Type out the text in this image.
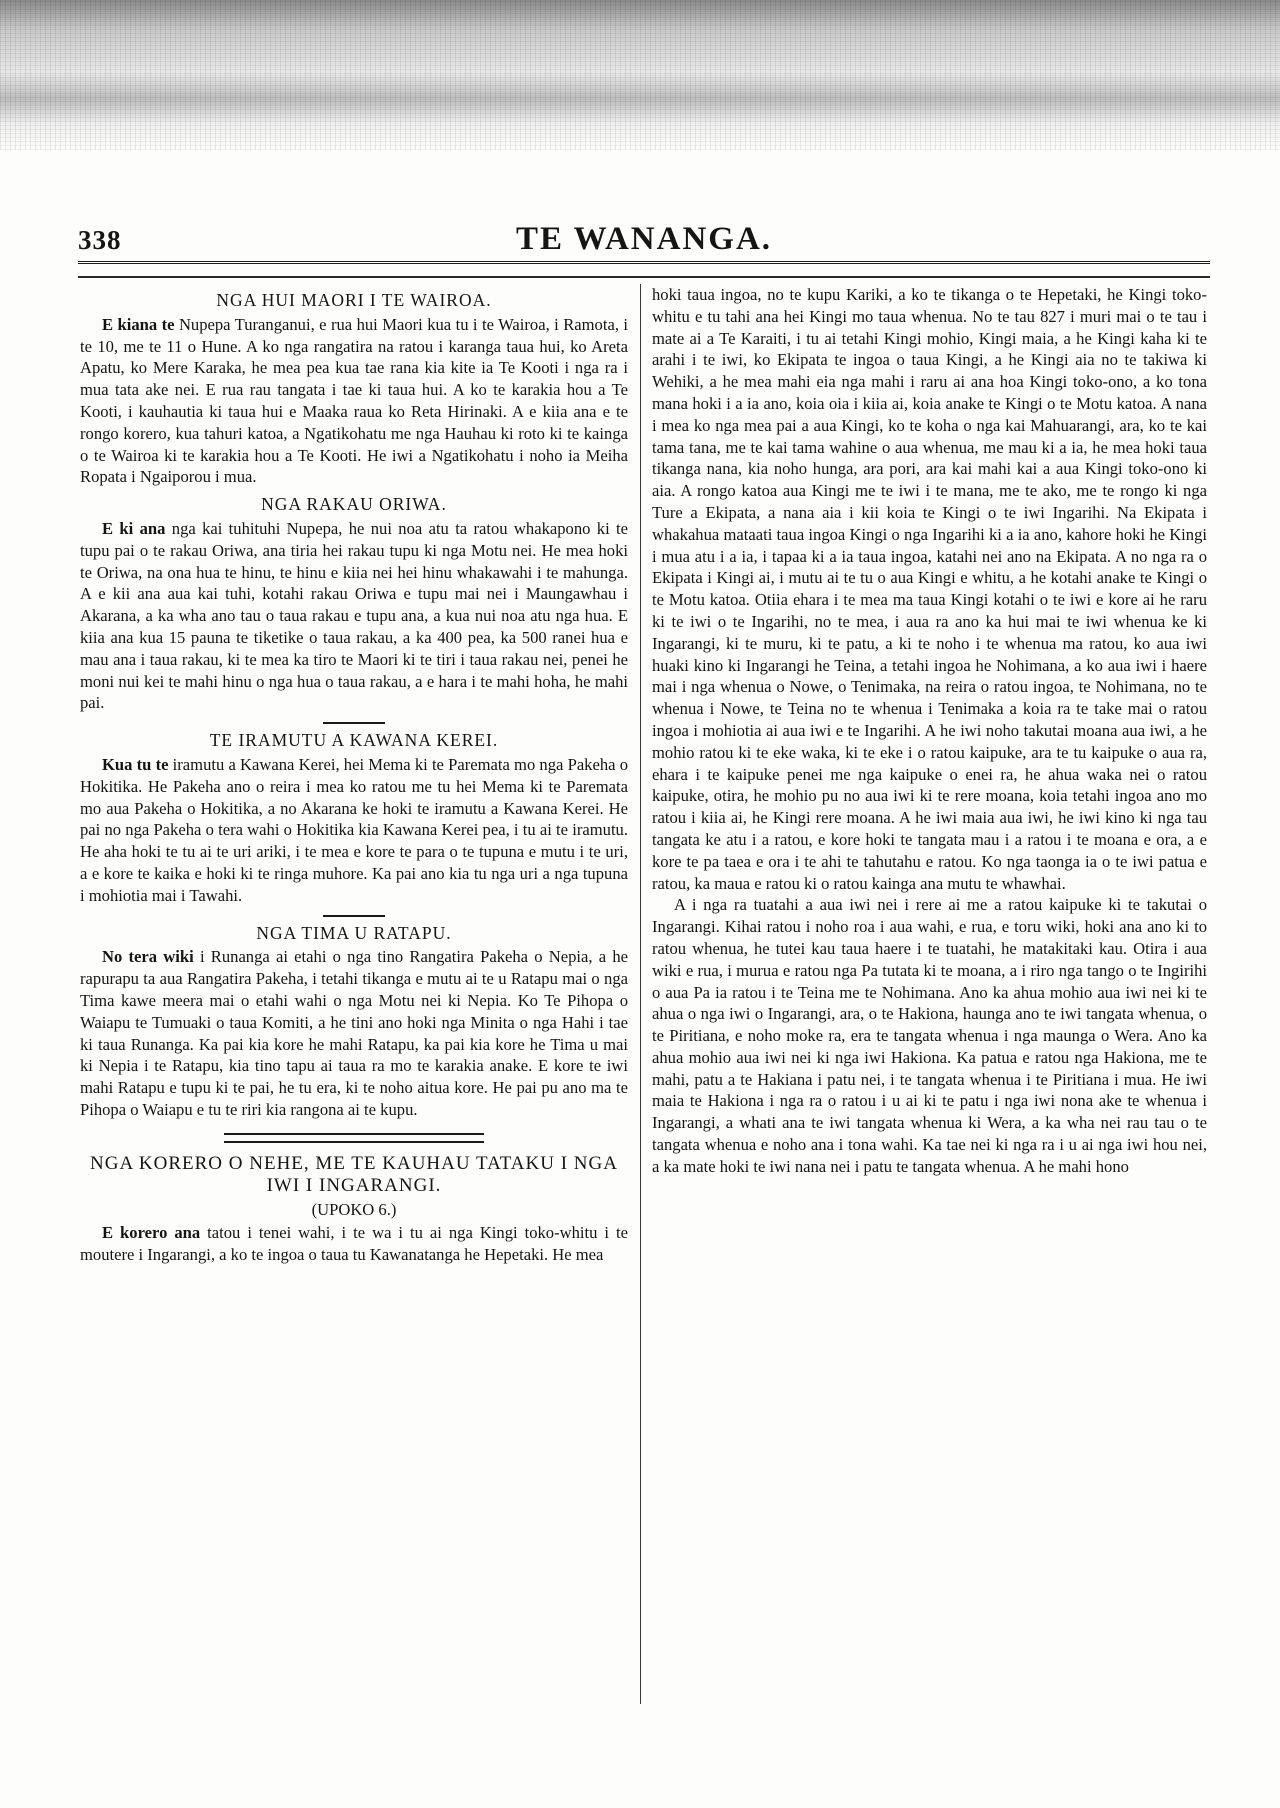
338	TE WANANGA.
NGA HUI MAORI I TE WAIROA.

E kiana te Nupepa Turanganui, e rua hui Maori kua tu i te Wairoa, i Ramota, i te 10, me te 11 o Hune. A ko nga rangatira na ratou i karanga taua hui, ko Areta Apatu, ko Mere Karaka, he mea pea kua tae rana kia kite ia Te Kooti i nga ra i mua tata ake nei. E rua rau tangata i tae ki taua hui. A ko te karakia hou a Te Kooti, i kauhautia ki taua hui e Maaka raua ko Reta Hirinaki. A e kiia ana e te rongo korero, kua tahuri katoa, a Ngatikohatu me nga Hauhau ki roto ki te kainga o te Wairoa ki te karakia hou a Te Kooti. He iwi a Ngatikohatu i noho ia Meiha Ropata i Ngaiporou i mua.

NGA RAKAU ORIWA.

E ki ana nga kai tuhituhi Nupepa, he nui noa atu ta ratou whakapono ki te tupu pai o te rakau Oriwa, ana tiria hei rakau tupu ki nga Motu nei. He mea hoki te Oriwa, na ona hua te hinu, te hinu e kiia nei hei hinu whakawahi i te mahunga. A e kii ana aua kai tuhi, kotahi rakau Oriwa e tupu mai nei i Maungawhau i Akarana, a ka wha ano tau o taua rakau e tupu ana, a kua nui noa atu nga hua. E kiia ana kua 15 pauna te tiketike o taua rakau, a ka 400 pea, ka 500 ranei hua e mau ana i taua rakau, ki te mea ka tiro te Maori ki te tiri i taua rakau nei, penei he moni nui kei te mahi hinu o nga hua o taua rakau, a e hara i te mahi hoha, he mahi pai.

TE IRAMUTU A KAWANA KEREI.

Kua tu te iramutu a Kawana Kerei, hei Mema ki te Paremata mo nga Pakeha o Hokitika. He Pakeha ano o reira i mea ko ratou me tu hei Mema ki te Paremata mo aua Pakeha o Hokitika, a no Akarana ke hoki te iramutu a Kawana Kerei. He pai no nga Pakeha o tera wahi o Hokitika kia Kawana Kerei pea, i tu ai te iramutu. He aha hoki te tu ai te uri ariki, i te mea e kore te para o te tupuna e mutu i te uri, a e kore te kaika e hoki ki te ringa muhore. Ka pai ano kia tu nga uri a nga tupuna i mohiotia mai i Tawahi.

NGA TIMA U RATAPU.

No tera wiki i Runanga ai etahi o nga tino Rangatira Pakeha o Nepia, a he rapurapu ta aua Rangatira Pakeha, i tetahi tikanga e mutu ai te u Ratapu mai o nga Tima kawe meera mai o etahi wahi o nga Motu nei ki Nepia. Ko Te Pihopa o Waiapu te Tumuaki o taua Komiti, a he tini ano hoki nga Minita o nga Hahi i tae ki taua Runanga. Ka pai kia kore he mahi Ratapu, ka pai kia kore he Tima u mai ki Nepia i te Ratapu, kia tino tapu ai taua ra mo te karakia anake. E kore te iwi mahi Ratapu e tupu ki te pai, he tu era, ki te noho aitua kore. He pai pu ano ma te Pihopa o Waiapu e tu te riri kia rangona ai te kupu.

NGA KORERO O NEHE, ME TE KAUHAU TATAKU I NGA IWI I INGARANGI.
(UPOKO 6.)

E korero ana tatou i tenei wahi, i te wa i tu ai nga Kingi toko-whitu i te moutere i Ingarangi, a ko te ingoa o taua tu Kawanatanga he Hepetaki. He mea

hoki taua ingoa, no te kupu Kariki, a ko te tikanga o te Hepetaki, he Kingi toko-whitu e tu tahi ana hei Kingi mo taua whenua. No te tau 827 i muri mai o te tau i mate ai a Te Karaiti, i tu ai tetahi Kingi mohio, Kingi maia, a he Kingi kaha ki te arahi i te iwi, ko Ekipata te ingoa o taua Kingi, a he Kingi aia no te takiwa ki Wehiki, a he mea mahi eia nga mahi i raru ai ana hoa Kingi toko-ono, a ko tona mana hoki i a ia ano, koia oia i kiia ai, koia anake te Kingi o te Motu katoa. A nana i mea ko nga mea pai a aua Kingi, ko te koha o nga kai Mahuarangi, ara, ko te kai tama tana, me te kai tama wahine o aua whenua, me mau ki a ia, he mea hoki taua tikanga nana, kia noho hunga, ara pori, ara kai mahi kai a aua Kingi toko-ono ki aia. A rongo katoa aua Kingi me te iwi i te mana, me te ako, me te rongo ki nga Ture a Ekipata, a nana aia i kii koia te Kingi o te iwi Ingarihi. Na Ekipata i whakahua mataati taua ingoa Kingi o nga Ingarihi ki a ia ano, kahore hoki he Kingi i mua atu i a ia, i tapaa ki a ia taua ingoa, katahi nei ano na Ekipata. A no nga ra o Ekipata i Kingi ai, i mutu ai te tu o aua Kingi e whitu, a he kotahi anake te Kingi o te Motu katoa. Otiia ehara i te mea ma taua Kingi kotahi o te iwi e kore ai he raru ki te iwi o te Ingarihi, no te mea, i aua ra ano ka hui mai te iwi whenua ke ki Ingarangi, ki te muru, ki te patu, a ki te noho i te whenua ma ratou, ko aua iwi huaki kino ki Ingarangi he Teina, a tetahi ingoa he Nohimana, a ko aua iwi i haere mai i nga whenua o Nowe, o Tenimaka, na reira o ratou ingoa, te Nohimana, no te whenua i Nowe, te Teina no te whenua i Tenimaka a koia ra te take mai o ratou ingoa i mohiotia ai aua iwi e te Ingarihi. A he iwi noho takutai moana aua iwi, a he mohio ratou ki te eke waka, ki te eke i o ratou kaipuke, ara te tu kaipuke o aua ra, ehara i te kaipuke penei me nga kaipuke o enei ra, he ahua waka nei o ratou kaipuke, otira, he mohio pu no aua iwi ki te rere moana, koia tetahi ingoa ano mo ratou i kiia ai, he Kingi rere moana. A he iwi maia aua iwi, he iwi kino ki nga tau tangata ke atu i a ratou, e kore hoki te tangata mau i a ratou i te moana e ora, a e kore te pa taea e ora i te ahi te tahutahu e ratou. Ko nga taonga ia o te iwi patua e ratou, ka maua e ratou ki o ratou kainga ana mutu te whawhai.

A i nga ra tuatahi a aua iwi nei i rere ai me a ratou kaipuke ki te takutai o Ingarangi. Kihai ratou i noho roa i aua wahi, e rua, e toru wiki, hoki ana ano ki to ratou whenua, he tutei kau taua haere i te tuatahi, he matakitaki kau. Otira i aua wiki e rua, i murua e ratou nga Pa tutata ki te moana, a i riro nga tango o te Ingirihi o aua Pa ia ratou i te Teina me te Nohimana. Ano ka ahua mohio aua iwi nei ki te ahua o nga iwi o Ingarangi, ara, o te Hakiona, haunga ano te iwi tangata whenua, o te Piritiana, e noho moke ra, era te tangata whenua i nga maunga o Wera. Ano ka ahua mohio aua iwi nei ki nga iwi Hakiona. Ka patua e ratou nga Hakiona, me te mahi, patu a te Hakiana i patu nei, i te tangata whenua i te Piritiana i mua. He iwi maia te Hakiona i nga ra o ratou i u ai ki te patu i nga iwi nona ake te whenua i Ingarangi, a whati ana te iwi tangata whenua ki Wera, a ka wha nei rau tau o te tangata whenua e noho ana i tona wahi. Ka tae nei ki nga ra i u ai nga iwi hou nei, a ka mate hoki te iwi nana nei i patu te tangata whenua. A he mahi hono
